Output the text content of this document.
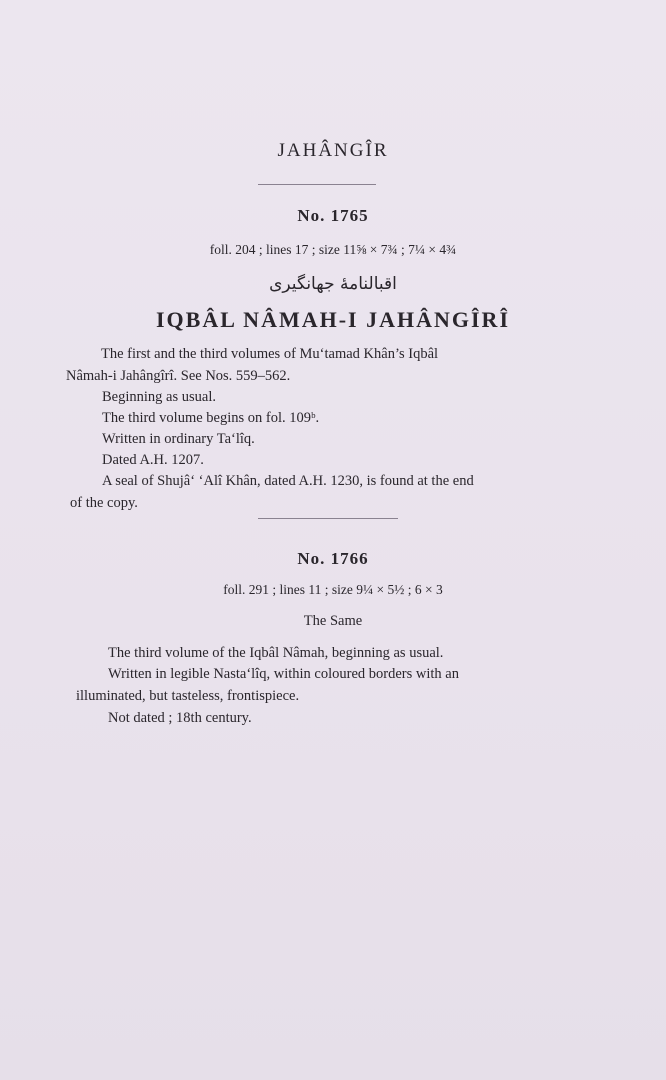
JAHÂNGÎR
No. 1765
foll. 204 ; lines 17 ; size 11⅝ × 7¾ ; 7¼ × 4¾
اقبالنامهٔ جهانگیری
IQBÂL NÂMAH-I JAHÂNGÎRÎ
The first and the third volumes of Mu‘tamad Khân’s Iqbâl
Nâmah-i Jahângîrî. See Nos. 559–562.
Beginning as usual.
The third volume begins on fol. 109ᵇ.
Written in ordinary Ta‘lîq.
Dated A.H. 1207.
A seal of Shujâ‘ ‘Alî Khân, dated A.H. 1230, is found at the end
of the copy.
No. 1766
foll. 291 ; lines 11 ; size 9¼ × 5½ ; 6 × 3
The Same
The third volume of the Iqbâl Nâmah, beginning as usual.
Written in legible Nasta‘lîq, within coloured borders with an
illuminated, but tasteless, frontispiece.
Not dated ; 18th century.
